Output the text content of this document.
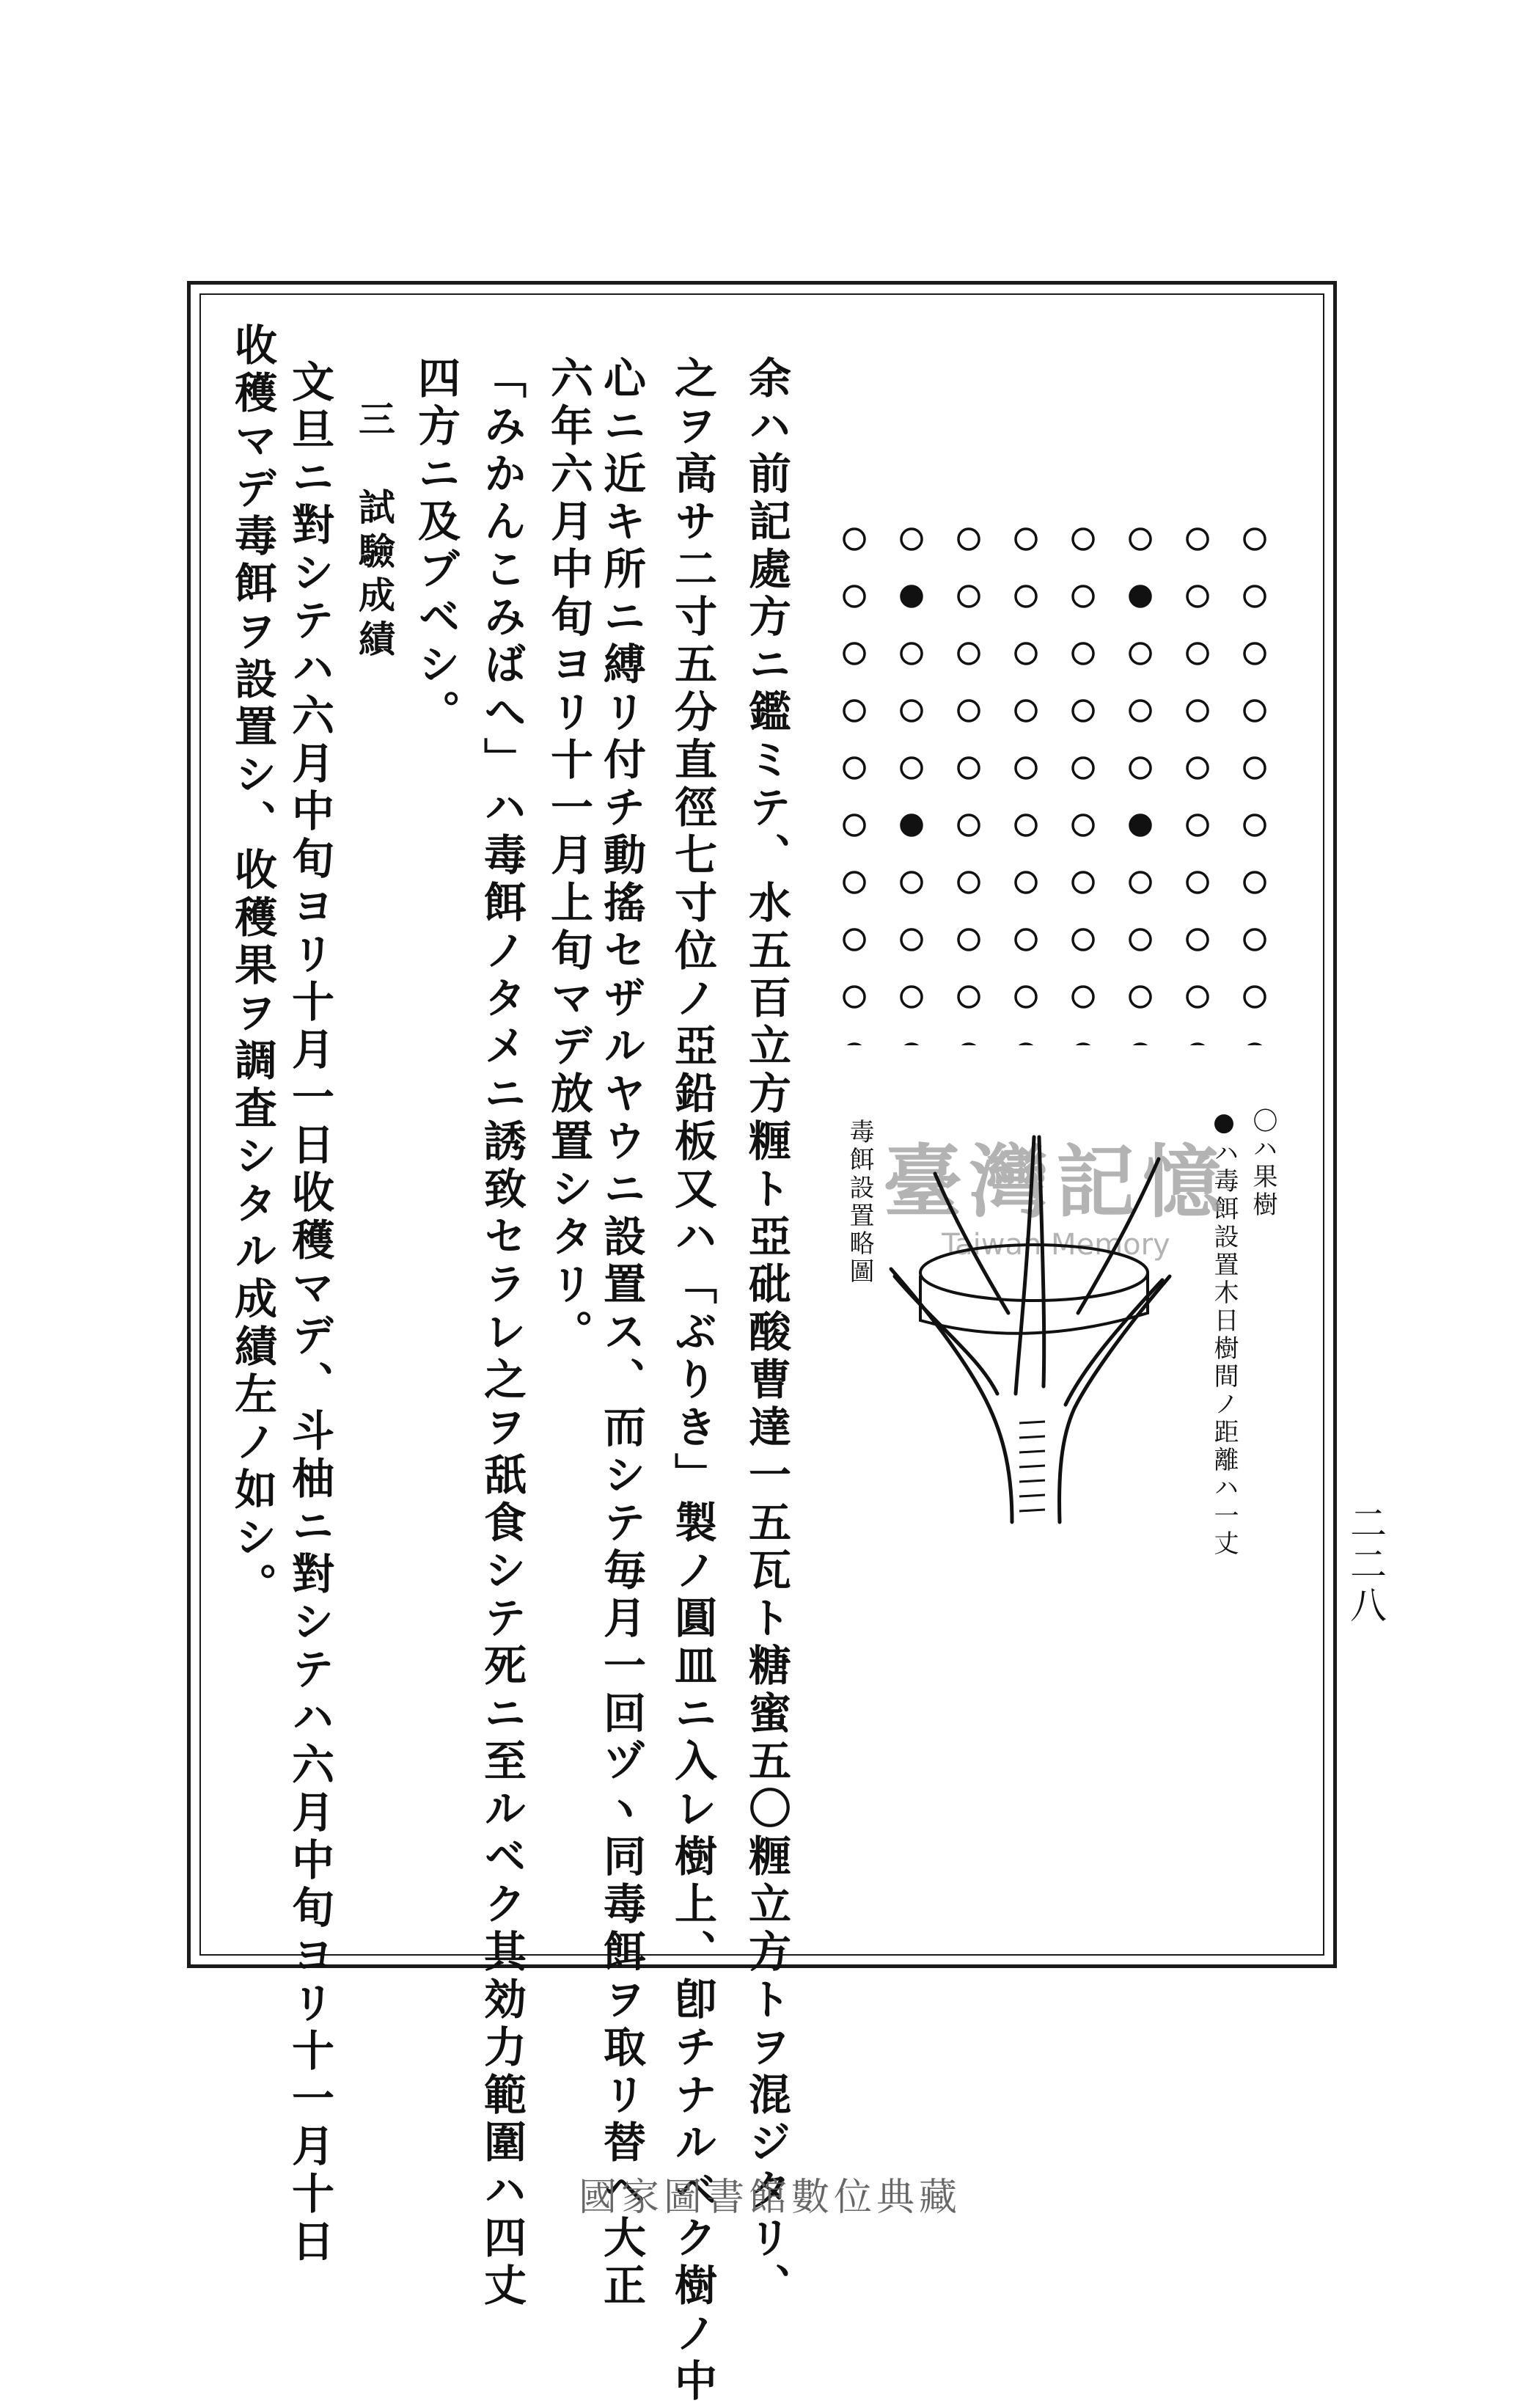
余ハ前記處方ニ鑑ミテ、水五百立方糎ト亞砒酸曹達一五瓦ト糖蜜五〇糎立方トヲ混ジタリ、
之ヲ高サ二寸五分直徑七寸位ノ亞鉛板又ハ「ぶりき」製ノ圓皿ニ入レ樹上、卽チナルベク樹ノ中
心ニ近キ所ニ縛リ付チ動搖セザルヤウニ設置ス、而シテ毎月一回ヅヽ同毒餌ヲ取リ替ヘ大正
六年六月中旬ヨリ十一月上旬マデ放置シタリ。
「みかんこみばへ」ハ毒餌ノタメニ誘致セラレ之ヲ舐食シテ死ニ至ルベク其効力範圍ハ四丈
四方ニ及ブベシ。
三　試驗成績
文旦ニ對シテハ六月中旬ヨリ十月一日收穫マデ、斗柚ニ對シテハ六月中旬ヨリ十一月十日
收穫マデ毒餌ヲ設置シ、收穫果ヲ調査シタル成績左ノ如シ。	〇ハ果樹
●ハ毒餌設置木日樹間ノ距離ハ一丈
臺灣記憶
Taiwan Memory
毒餌設置略圖
二二八
國家圖書館數位典藏
